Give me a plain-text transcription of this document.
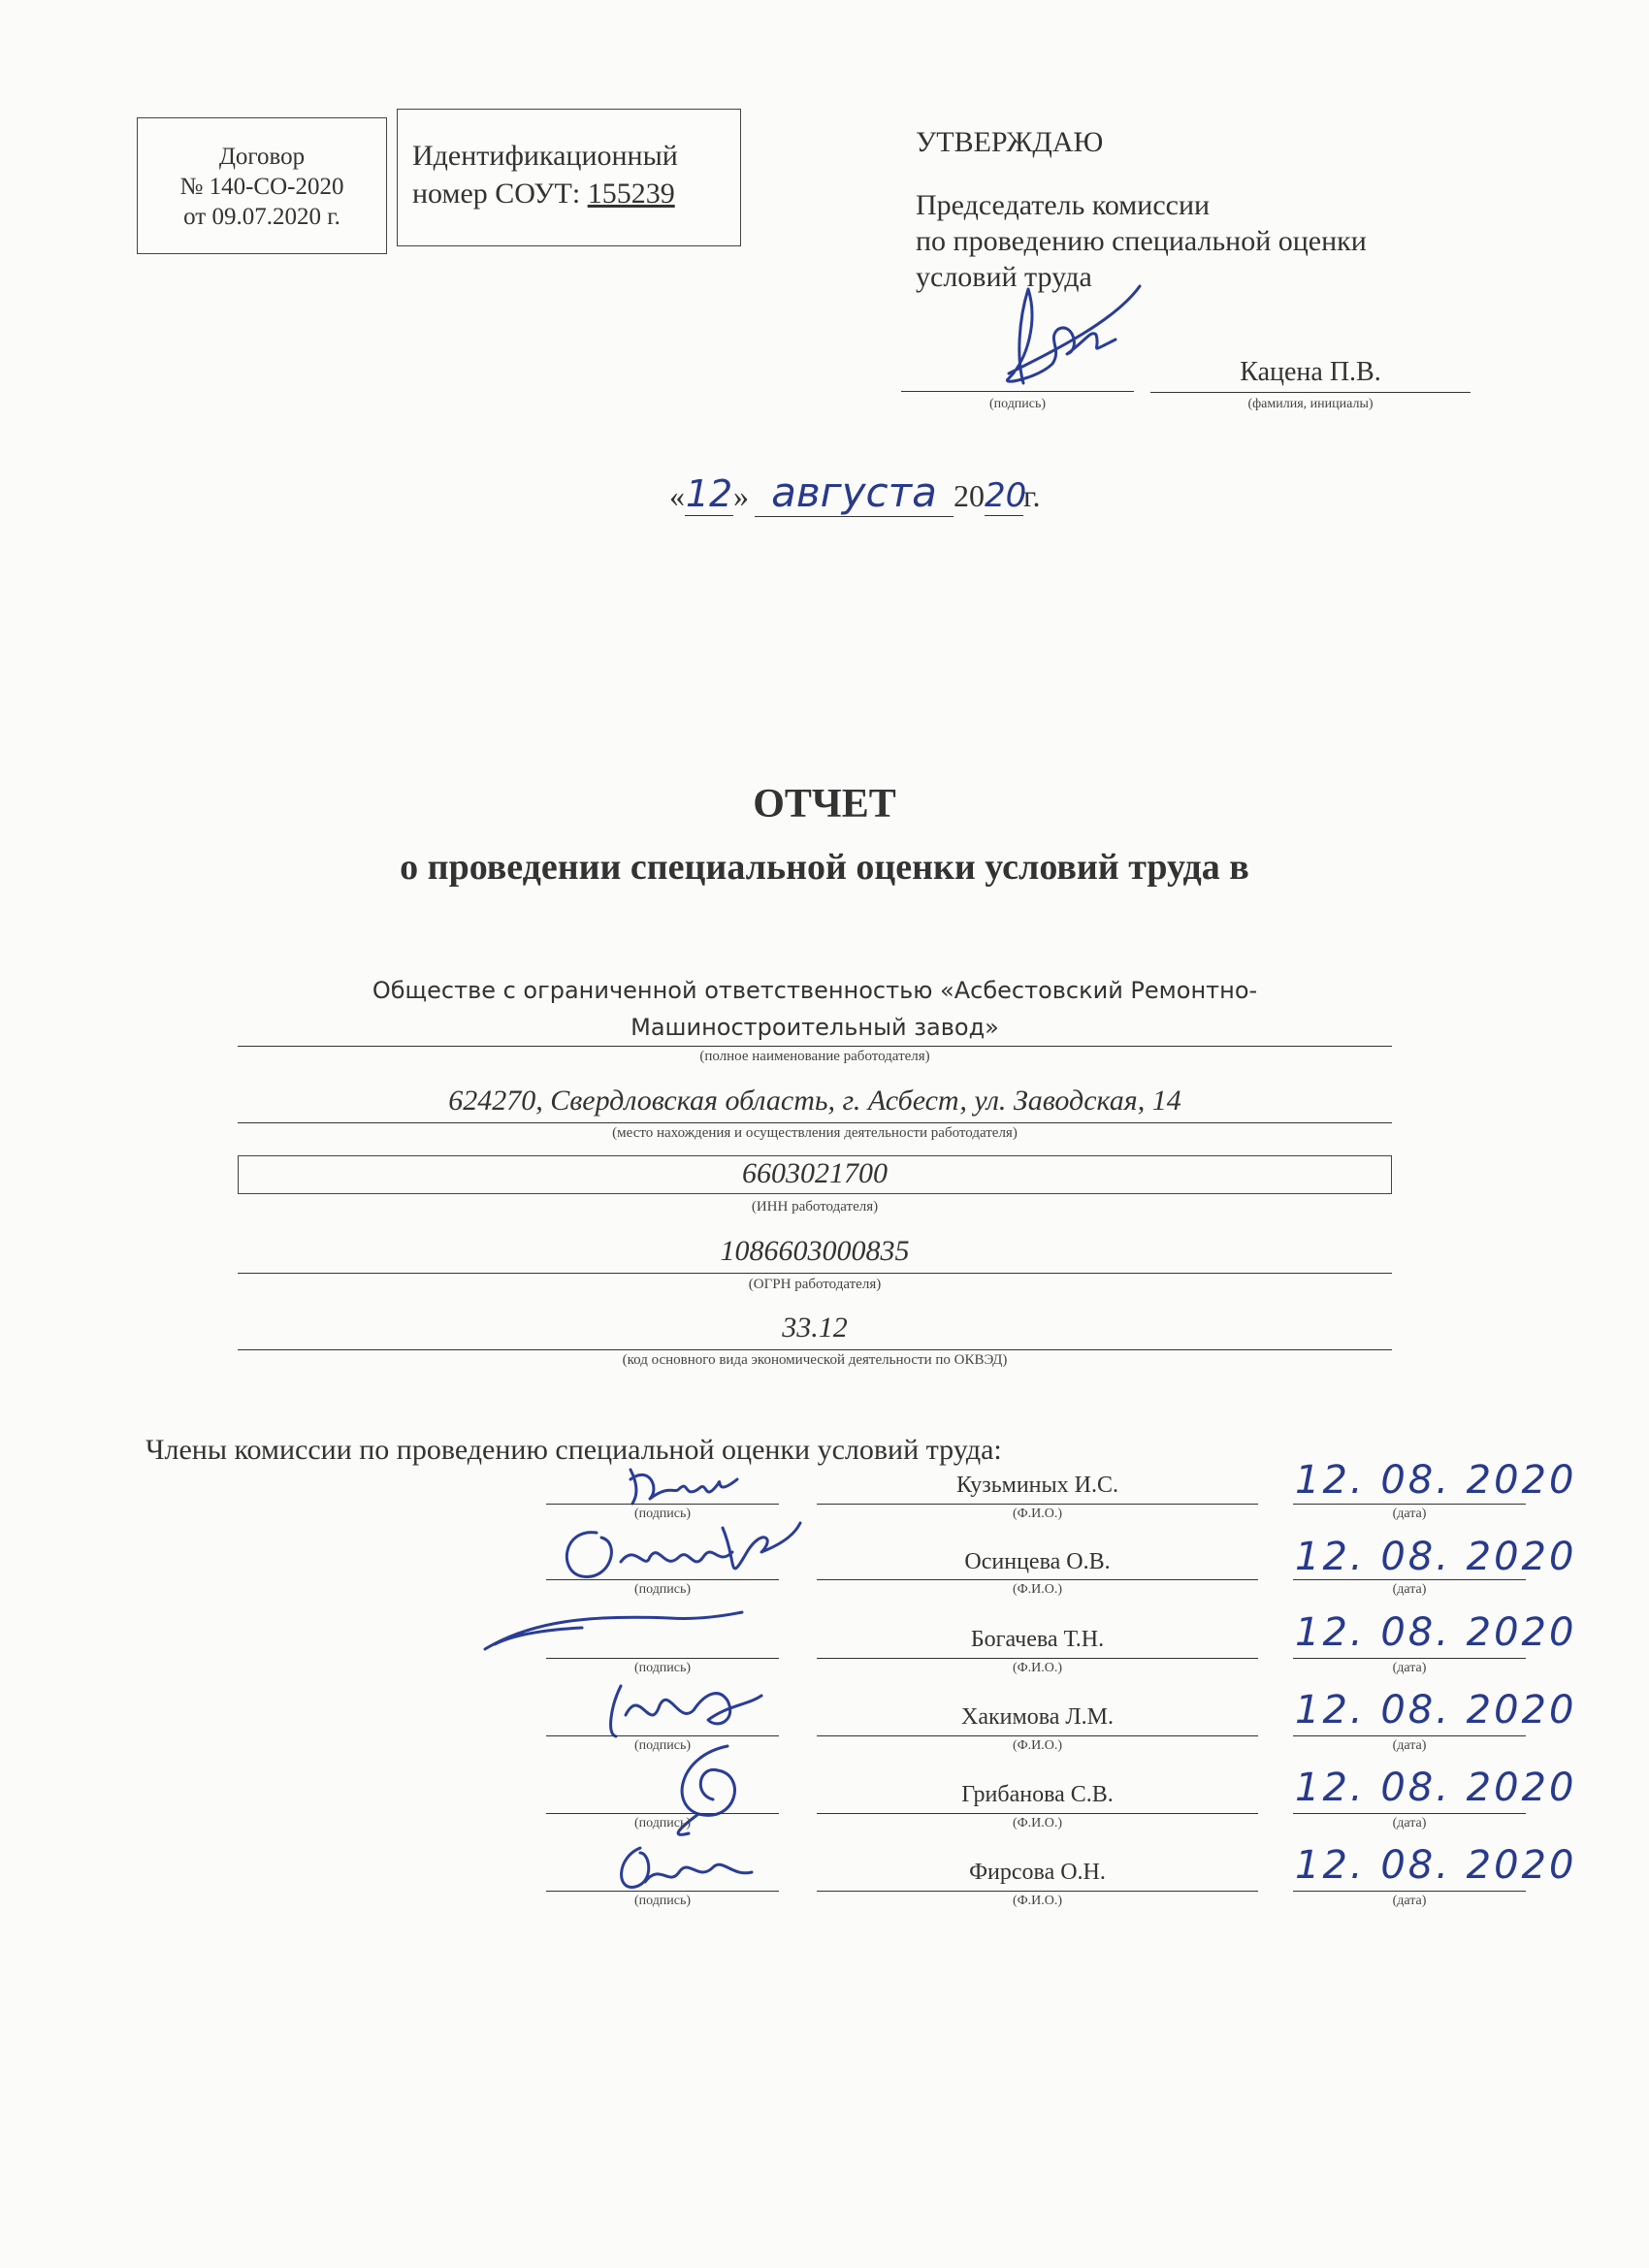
Договор
№ 140-СО-2020
от 09.07.2020 г.
Идентификационный
номер СОУТ: 155239
УТВЕРЖДАЮ
Председатель комиссии
по проведению специальной оценки
условий труда
(подпись)
Кацена П.В.
(фамилия, инициалы)
«12» августа 2020г.
ОТЧЕТ
о проведении специальной оценки условий труда в
Обществе с ограниченной ответственностью «Асбестовский Ремонтно-
Машиностроительный завод»
(полное наименование работодателя)
624270, Свердловская область, г. Асбест, ул. Заводская, 14
(место нахождения и осуществления деятельности работодателя)
6603021700
(ИНН работодателя)
1086603000835
(ОГРН работодателя)
33.12
(код основного вида экономической деятельности по ОКВЭД)
Члены комиссии по проведению специальной оценки условий труда:
(подпись)
Кузьминых И.С.
(Ф.И.О.)
12. 08. 2020
(дата)
(подпись)
Осинцева О.В.
(Ф.И.О.)
12. 08. 2020
(дата)
(подпись)
Богачева Т.Н.
(Ф.И.О.)
12. 08. 2020
(дата)
(подпись)
Хакимова Л.М.
(Ф.И.О.)
12. 08. 2020
(дата)
(подпись)
Грибанова С.В.
(Ф.И.О.)
12. 08. 2020
(дата)
(подпись)
Фирсова О.Н.
(Ф.И.О.)
12. 08. 2020
(дата)
